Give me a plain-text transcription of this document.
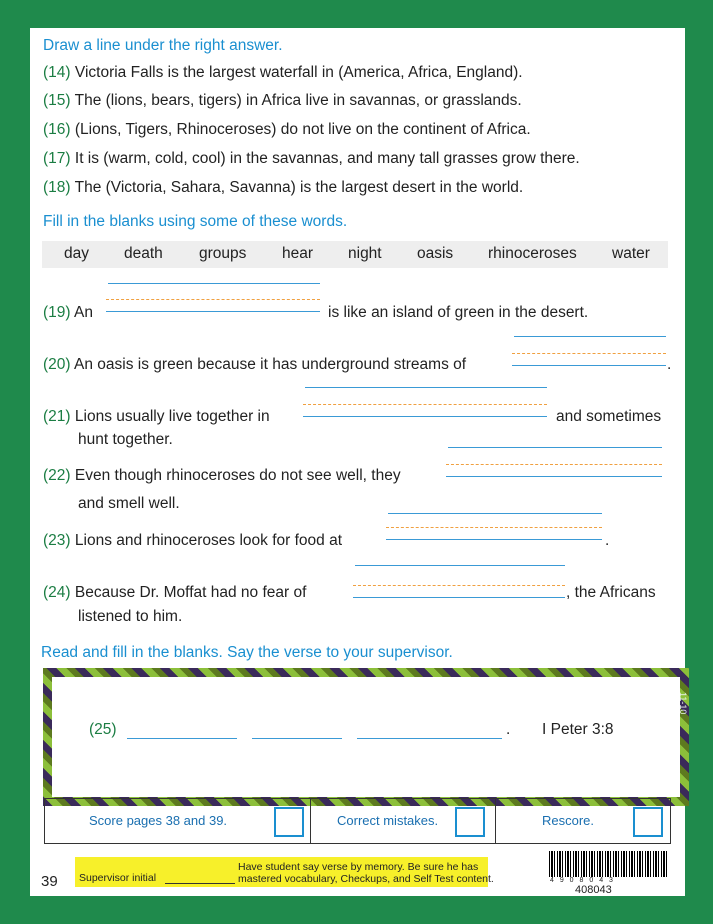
Draw a line under the right answer.
(14) Victoria Falls is the largest waterfall in (America, Africa, England).
(15) The (lions, bears, tigers) in Africa live in savannas, or grasslands.
(16) (Lions, Tigers, Rhinoceroses) do not live on the continent of Africa.
(17) It is (warm, cold, cool) in the savannas, and many tall grasses grow there.
(18) The (Victoria, Sahara, Savanna) is the largest desert in the world.
Fill in the blanks using some of these words.
day death groups hear night oasis rhinoceroses water
(19) An	is like an island of green in the desert.
(20) An oasis is green because it has underground streams of	.
(21) Lions usually live together in	and sometimes
hunt together.
(22) Even though rhinoceroses do not see well, they
and smell well.
(23) Lions and rhinoceroses look for food at	.
(24) Because Dr. Moffat had no fear of	, the Africans
listened to him.
Read and fill in the blanks. Say the verse to your supervisor.
(25)	. I Peter 3:8
Score pages 38 and 39.	Correct mistakes.	Rescore.
39 Supervisor initial
Have student say verse by memory. Be sure he has
mastered vocabulary, Checkups, and Self Test content.	4 9 0 8 0 4 3
408043
11-10
